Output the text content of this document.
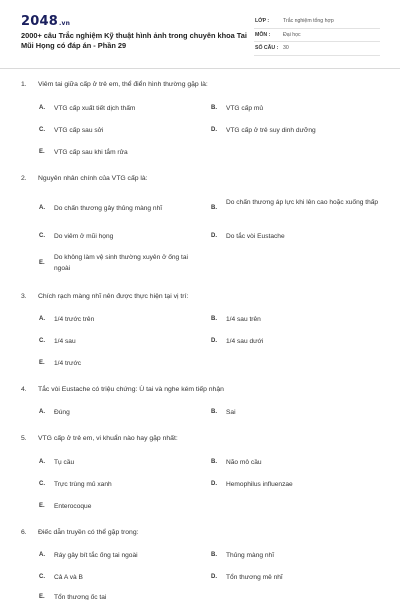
2048.vn
2000+ câu Trắc nghiệm Kỹ thuật hình ảnh trong chuyên khoa Tai Mũi Họng có đáp án - Phần 29
LỚP :	Trắc nghiệm tổng hợp
MÔN : Đại học
SỐ CÂU : 30
1. Viêm tai giữa cấp ở trẻ em, thể điển hình thường gặp là:
A. VTG cấp xuất tiết dịch thấm	B. VTG cấp mủ
C. VTG cấp sau sởi	D. VTG cấp ở trẻ suy dinh dưỡng
E. VTG cấp sau khi tắm rửa
2. Nguyên nhân chính của VTG cấp là:
A. Do chấn thương gây thủng màng nhĩ	B.
Do chấn thương áp lực khi lên cao hoặc xuống thấp
C. Do viêm ở mũi họng	D. Do tắc vòi Eustache
E.
Do không làm vệ sinh thường xuyên ở ống tai ngoài
3. Chích rạch màng nhĩ nên được thực hiện tại vị trí:
A. 1/4 trước trên	B. 1/4 sau trên
C. 1/4 sau	D. 1/4 sau dưới
E. 1/4 trước
4. Tắc vòi Eustache có triệu chứng: Ù tai và nghe kém tiếp nhận
A. Đúng	B. Sai
5. VTG cấp ở trẻ em, vi khuẩn nào hay gặp nhất:
A. Tụ cầu	B. Não mô cầu
C. Trực trùng mủ xanh	D. Hemophilus influenzae
E. Enterocoque
6. Điếc dẫn truyền có thể gặp trong:
A. Ráy gây bít tắc ống tai ngoài	B. Thủng màng nhĩ
C. Cả A và B	D. Tổn thương mê nhĩ
E. Tổn thương ốc tai
